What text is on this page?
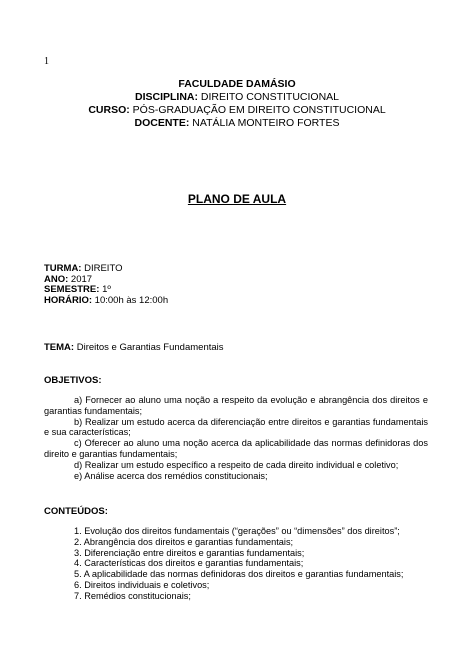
1
FACULDADE DAMÁSIO
DISCIPLINA: DIREITO CONSTITUCIONAL
CURSO: PÓS-GRADUAÇÃO EM DIREITO CONSTITUCIONAL
DOCENTE: NATÁLIA MONTEIRO FORTES
PLANO DE AULA
TURMA: DIREITO
ANO: 2017
SEMESTRE: 1º
HORÁRIO: 10:00h às 12:00h
TEMA: Direitos e Garantias Fundamentais
OBJETIVOS:
a) Fornecer ao aluno uma noção a respeito da evolução e abrangência dos direitos e garantias fundamentais;
b) Realizar um estudo acerca da diferenciação entre direitos e garantias fundamentais e sua características;
c) Oferecer ao aluno uma noção acerca da aplicabilidade das normas definidoras dos direito e garantias fundamentais;
d) Realizar um estudo específico a respeito de cada direito individual e coletivo;
e) Análise acerca dos remédios constitucionais;
CONTEÚDOS:
1. Evolução dos direitos fundamentais (“gerações” ou “dimensões” dos direitos”;
2. Abrangência dos direitos e garantias fundamentais;
3. Diferenciação entre direitos e garantias fundamentais;
4. Características dos direitos e garantias fundamentais;
5. A aplicabilidade das normas definidoras dos direitos e garantias fundamentais;
6. Direitos individuais e coletivos;
7. Remédios constitucionais;
